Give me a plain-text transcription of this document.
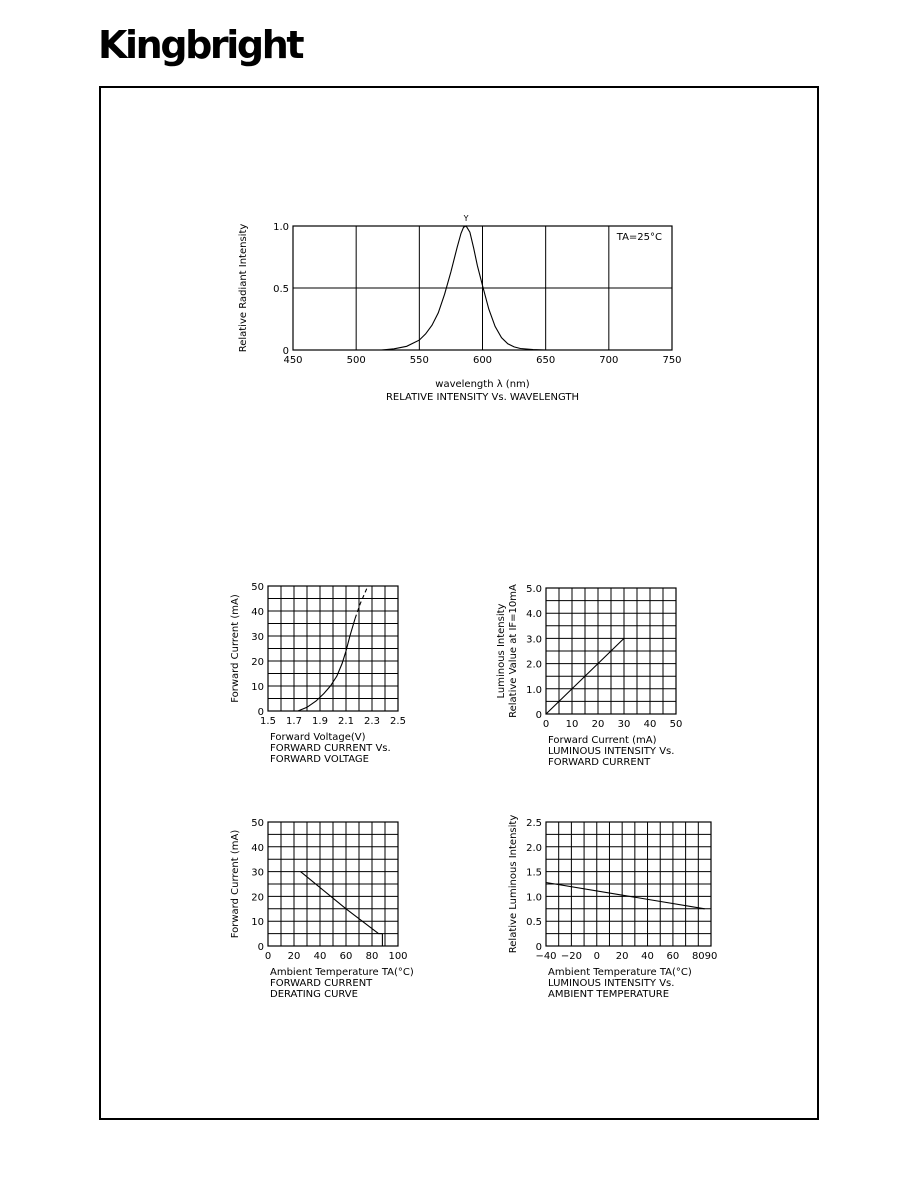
Kingbright
450	500	550	600	650	700	750
0
0.5
1.0
wavelength λ (nm)
RELATIVE INTENSITY Vs. WAVELENGTH
Relative Radiant Intensity	TA=25°C
Y
1.5 1.7 1.9 2.1 2.3 2.5
0
10
20
30
40
50
Forward Voltage(V)
FORWARD CURRENT Vs.
FORWARD VOLTAGE
Forward Current (mA)
0 10 20 30 40 50
0
1.0
2.0
3.0
4.0
5.0
Forward Current (mA)
LUMINOUS INTENSITY Vs.
FORWARD CURRENT
Luminous Intensity Relative Value at IF=10mA
0 20 40 60 80 100
0
10
20
30
40
50
Ambient Temperature TA(°C)
FORWARD CURRENT
DERATING CURVE
Forward Current (mA)
−40 −20 0 20 40 60 80 90
0
0.5
1.0
1.5
2.0
2.5
Ambient Temperature TA(°C)
LUMINOUS INTENSITY Vs.
AMBIENT TEMPERATURE
Relative Luminous Intensity
